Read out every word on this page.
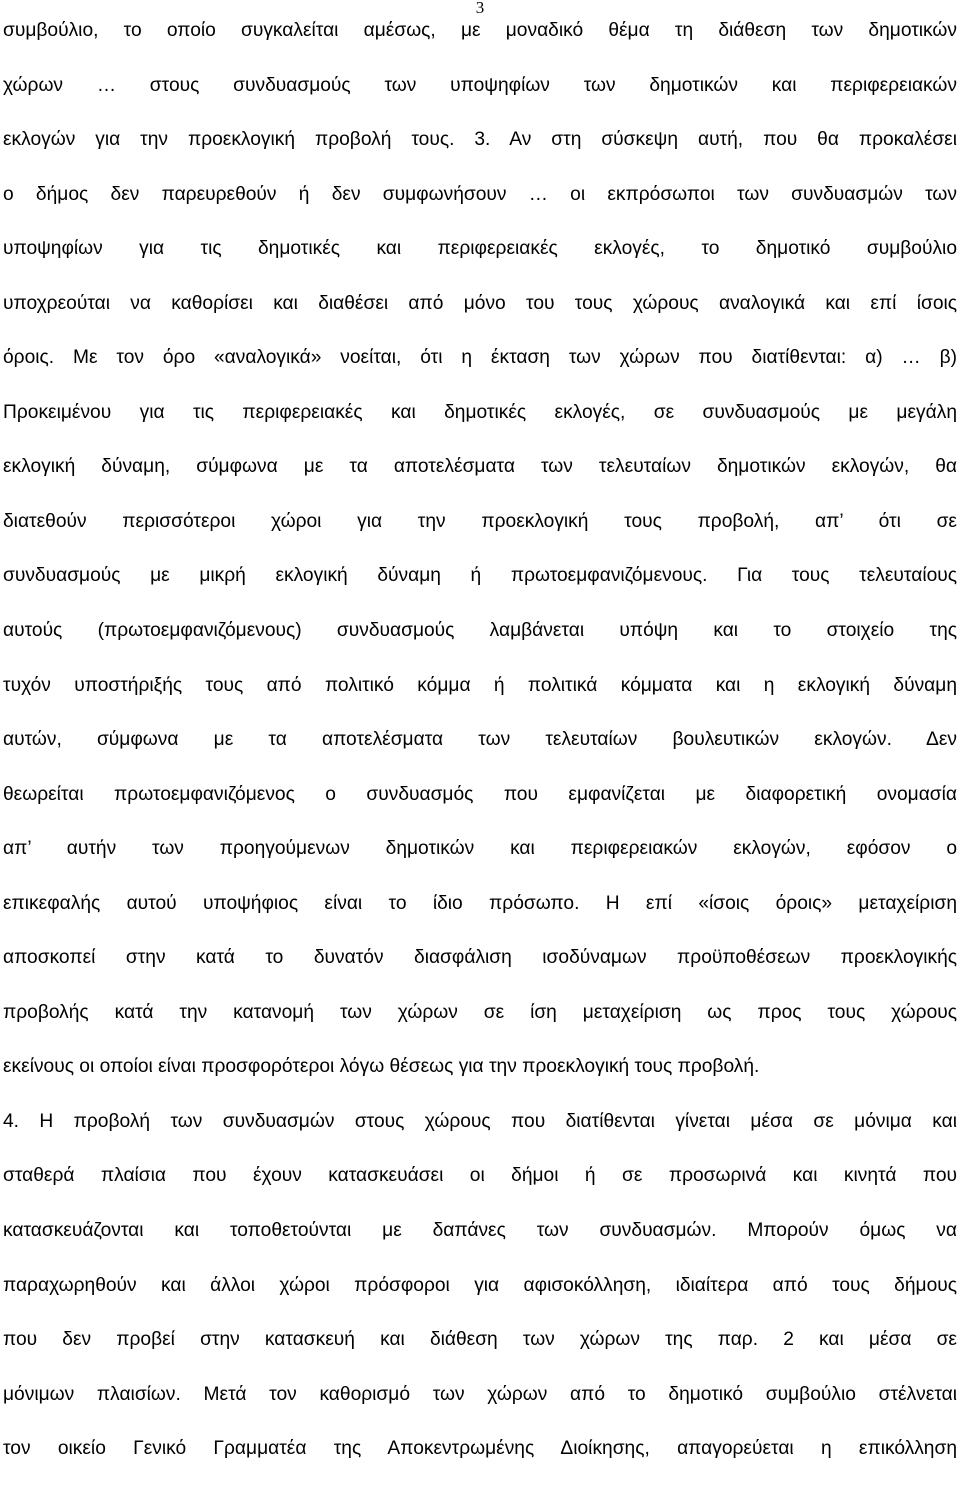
3
συμβούλιο, το οποίο συγκαλείται αμέσως, με μοναδικό θέμα τη διάθεση των δημοτικών
χώρων … στους συνδυασμούς των υποψηφίων των δημοτικών και περιφερειακών
εκλογών για την προεκλογική προβολή τους. 3. Αν στη σύσκεψη αυτή, που θα προκαλέσει
ο δήμος δεν παρευρεθούν ή δεν συμφωνήσουν … οι εκπρόσωποι των συνδυασμών των
υποψηφίων για τις δημοτικές και περιφερειακές εκλογές, το δημοτικό συμβούλιο
υποχρεούται να καθορίσει και διαθέσει από μόνο του τους χώρους αναλογικά και επί ίσοις
όροις. Με τον όρο «αναλογικά» νοείται, ότι η έκταση των χώρων που διατίθενται: α) … β)
Προκειμένου για τις περιφερειακές και δημοτικές εκλογές, σε συνδυασμούς με μεγάλη
εκλογική δύναμη, σύμφωνα με τα αποτελέσματα των τελευταίων δημοτικών εκλογών, θα
διατεθούν περισσότεροι χώροι για την προεκλογική τους προβολή, απ’ ότι σε
συνδυασμούς με μικρή εκλογική δύναμη ή πρωτοεμφανιζόμενους. Για τους τελευταίους
αυτούς (πρωτοεμφανιζόμενους) συνδυασμούς λαμβάνεται υπόψη και το στοιχείο της
τυχόν υποστήριξής τους από πολιτικό κόμμα ή πολιτικά κόμματα και η εκλογική δύναμη
αυτών, σύμφωνα με τα αποτελέσματα των τελευταίων βουλευτικών εκλογών. Δεν
θεωρείται πρωτοεμφανιζόμενος ο συνδυασμός που εμφανίζεται με διαφορετική ονομασία
απ’ αυτήν των προηγούμενων δημοτικών και περιφερειακών εκλογών, εφόσον ο
επικεφαλής αυτού υποψήφιος είναι το ίδιο πρόσωπο. Η επί «ίσοις όροις» μεταχείριση
αποσκοπεί στην κατά το δυνατόν διασφάλιση ισοδύναμων προϋποθέσεων προεκλογικής
προβολής κατά την κατανομή των χώρων σε ίση μεταχείριση ως προς τους χώρους
εκείνους οι οποίοι είναι προσφορότεροι λόγω θέσεως για την προεκλογική τους προβολή.
4. Η προβολή των συνδυασμών στους χώρους που διατίθενται γίνεται μέσα σε μόνιμα και
σταθερά πλαίσια που έχουν κατασκευάσει οι δήμοι ή σε προσωρινά και κινητά που
κατασκευάζονται και τοποθετούνται με δαπάνες των συνδυασμών. Μπορούν όμως να
παραχωρηθούν και άλλοι χώροι πρόσφοροι για αφισοκόλληση, ιδιαίτερα από τους δήμους
που δεν προβεί στην κατασκευή και διάθεση των χώρων της παρ. 2 και μέσα σε
μόνιμων πλαισίων. Μετά τον καθορισμό των χώρων από το δημοτικό συμβούλιο στέλνεται
τον οικείο Γενικό Γραμματέα της Αποκεντρωμένης Διοίκησης, απαγορεύεται η επικόλληση
